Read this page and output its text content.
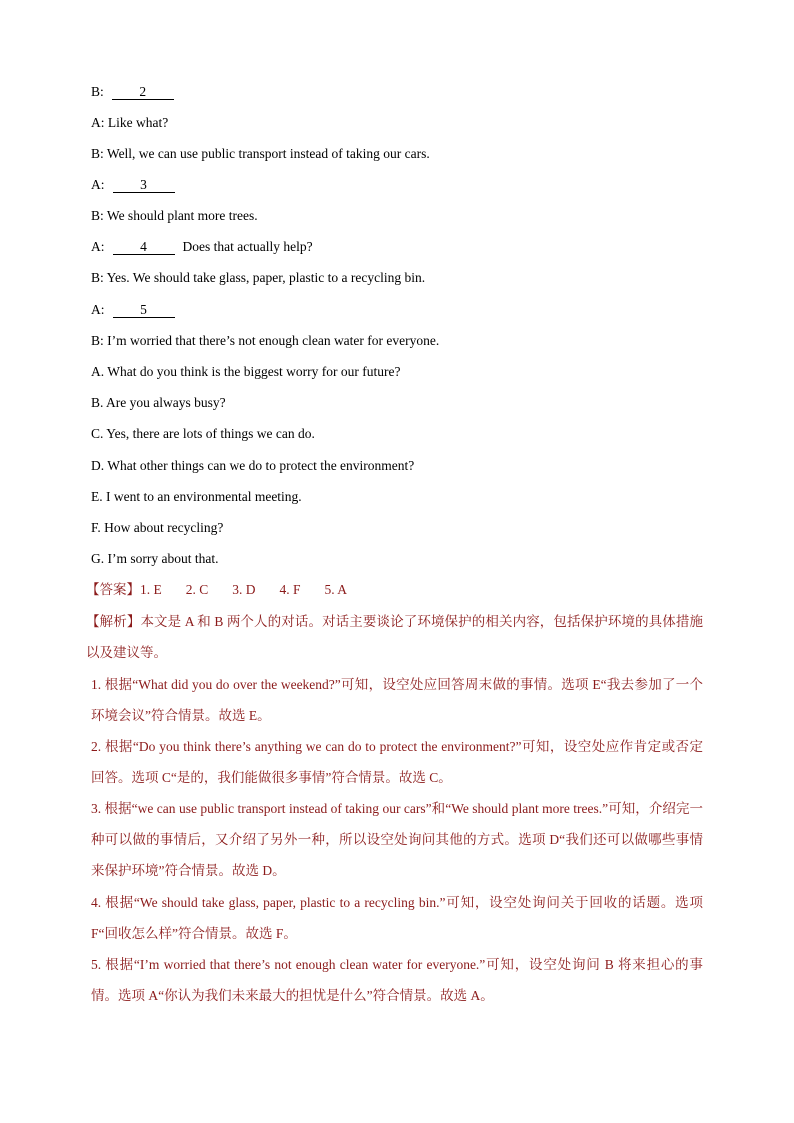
B:	2
A: Like what?
B: Well, we can use public transport instead of taking our cars.
A:	3
B: We should plant more trees.
A:	4	Does that actually help?
B: Yes. We should take glass, paper, plastic to a recycling bin.
A:	5
B: I’m worried that there’s not enough clean water for everyone.
A. What do you think is the biggest worry for our future?
B. Are you always busy?
C. Yes, there are lots of things we can do.
D. What other things can we do to protect the environment?
E. I went to an environmental meeting.
F. How about recycling?
G. I’m sorry about that.
【答案】1. E 2. C 3. D 4. F 5. A

【解析】本文是 A 和 B 两个人的对话。对话主要谈论了环境保护的相关内容，包括保护环境的具体措施以及建议等。

1. 根据“What did you do over the weekend?”可知，设空处应回答周末做的事情。选项 E“我去参加了一个环境会议”符合情景。故选 E。

2. 根据“Do you think there’s anything we can do to protect the environment?”可知，设空处应作肯定或否定回答。选项 C“是的，我们能做很多事情”符合情景。故选 C。

3. 根据“we can use public transport instead of taking our cars”和“We should plant more trees.”可知，介绍完一种可以做的事情后，又介绍了另外一种，所以设空处询问其他的方式。选项 D“我们还可以做哪些事情来保护环境”符合情景。故选 D。

4. 根据“We should take glass, paper, plastic to a recycling bin.”可知，设空处询问关于回收的话题。选项 F“回收怎么样”符合情景。故选 F。

5. 根据“I’m worried that there’s not enough clean water for everyone.”可知，设空处询问 B 将来担心的事情。选项 A“你认为我们未来最大的担忧是什么”符合情景。故选 A。
